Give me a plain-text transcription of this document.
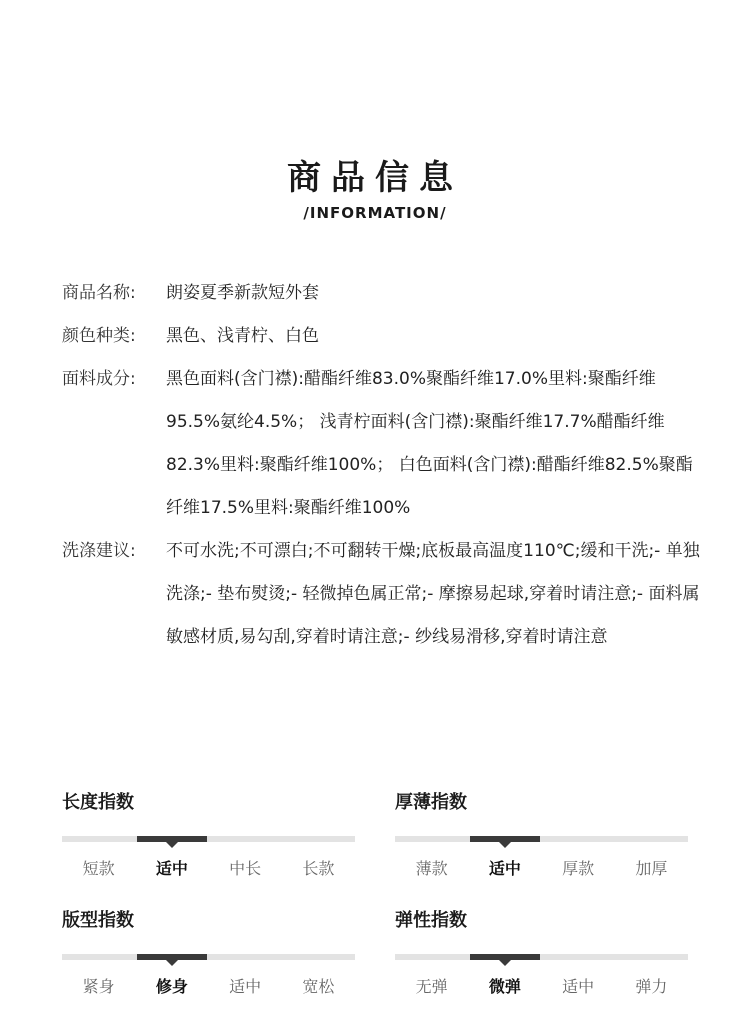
商品信息
/INFORMATION/
商品名称:	朗姿夏季新款短外套
颜色种类:	黑色、浅青柠、白色
面料成分:	黑色面料(含门襟):醋酯纤维83.0%聚酯纤维17.0%里料:聚酯纤维95.5%氨纶4.5%； 浅青柠面料(含门襟):聚酯纤维17.7%醋酯纤维82.3%里料:聚酯纤维100%； 白色面料(含门襟):醋酯纤维82.5%聚酯纤维17.5%里料:聚酯纤维100%
洗涤建议:	不可水洗;不可漂白;不可翻转干燥;底板最高温度110℃;缓和干洗;- 单独洗涤;- 垫布熨烫;- 轻微掉色属正常;- 摩擦易起球,穿着时请注意;- 面料属敏感材质,易勾刮,穿着时请注意;- 纱线易滑移,穿着时请注意
长度指数
短款	适中	中长	长款
厚薄指数
薄款	适中	厚款	加厚
版型指数
紧身	修身	适中	宽松
弹性指数
无弹	微弹	适中	弹力
